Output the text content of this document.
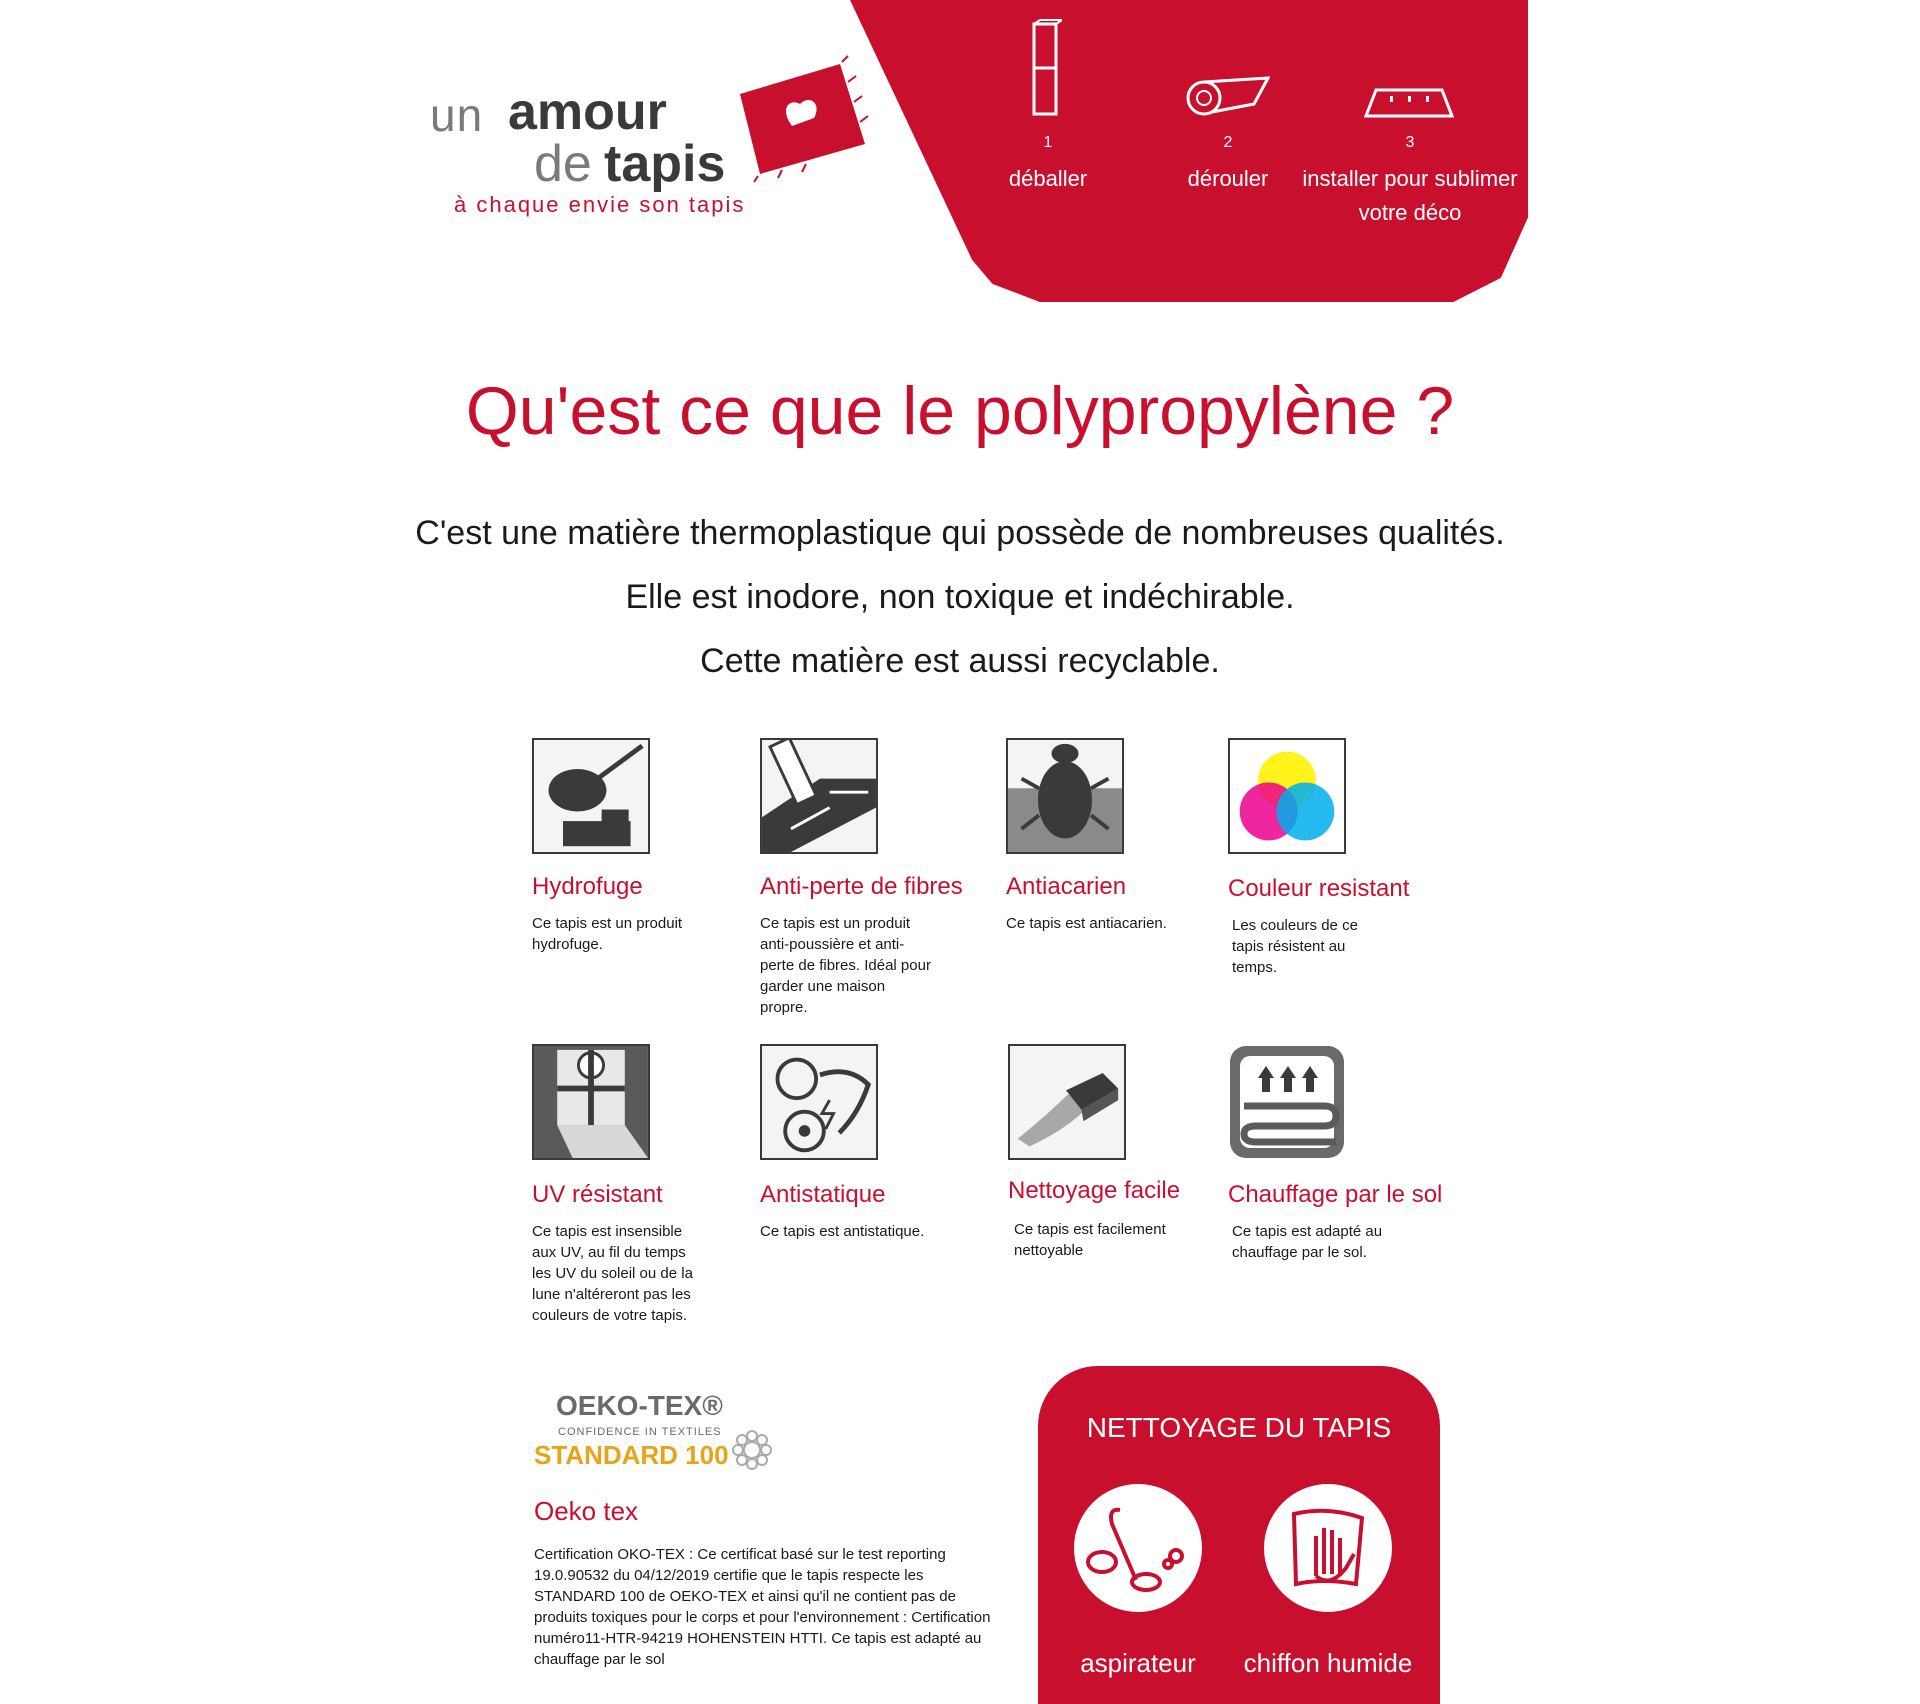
un amour
de tapis
à chaque envie son tapis
1
déballer
2
dérouler
3
installer pour sublimer votre déco
Qu'est ce que le polypropylène ?
C'est une matière thermoplastique qui possède de nombreuses qualités.
Elle est inodore, non toxique et indéchirable.
Cette matière est aussi recyclable.
Hydrofuge
Ce tapis est un produit hydrofuge.
Anti-perte de fibres
Ce tapis est un produit anti-poussière et anti-perte de fibres. Idéal pour garder une maison propre.
Antiacarien
Ce tapis est antiacarien.
Couleur resistant
Les couleurs de ce tapis résistent au temps.
UV résistant
Ce tapis est insensible aux UV, au fil du temps les UV du soleil ou de la lune n'altéreront pas les couleurs de votre tapis.
Antistatique
Ce tapis est antistatique.
Nettoyage facile
Ce tapis est facilement nettoyable
Chauffage par le sol
Ce tapis est adapté au chauffage par le sol.
OEKO-TEX®
CONFIDENCE IN TEXTILES
STANDARD 100
Oeko tex
Certification OKO-TEX : Ce certificat basé sur le test reporting 19.0.90532 du 04/12/2019 certifie que le tapis respecte les STANDARD 100 de OEKO-TEX et ainsi qu'il ne contient pas de produits toxiques pour le corps et pour l'environnement : Certification numéro11-HTR-94219 HOHENSTEIN HTTI. Ce tapis est adapté au chauffage par le sol
NETTOYAGE DU TAPIS
aspirateur	chiffon humide
